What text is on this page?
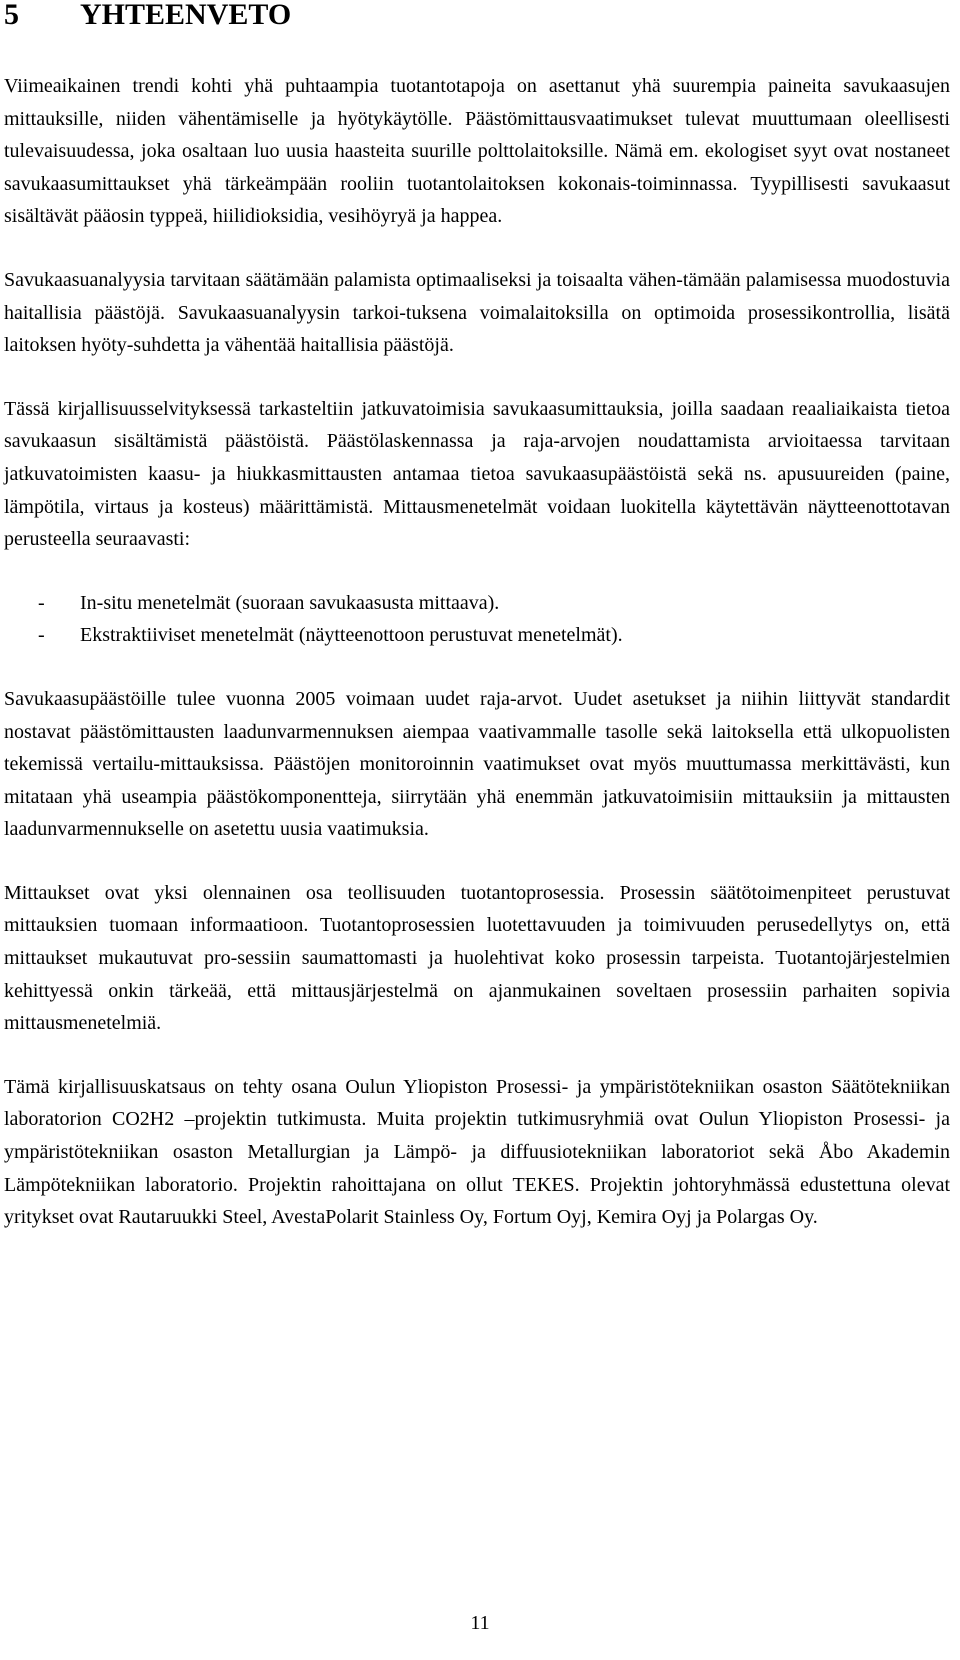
5 YHTEENVETO

Viimeaikainen trendi kohti yhä puhtaampia tuotantotapoja on asettanut yhä suurempia paineita savukaasujen mittauksille, niiden vähentämiselle ja hyötykäytölle. Päästömittausvaatimukset tulevat muuttumaan oleellisesti tulevaisuudessa, joka osaltaan luo uusia haasteita suurille polttolaitoksille. Nämä em. ekologiset syyt ovat nostaneet savukaasumittaukset yhä tärkeämpään rooliin tuotantolaitoksen kokonais-toiminnassa. Tyypillisesti savukaasut sisältävät pääosin typpeä, hiilidioksidia, vesihöyryä ja happea.

Savukaasuanalyysia tarvitaan säätämään palamista optimaaliseksi ja toisaalta vähen-tämään palamisessa muodostuvia haitallisia päästöjä. Savukaasuanalyysin tarkoi-tuksena voimalaitoksilla on optimoida prosessikontrollia, lisätä laitoksen hyöty-suhdetta ja vähentää haitallisia päästöjä.

Tässä kirjallisuusselvityksessä tarkasteltiin jatkuvatoimisia savukaasumittauksia, joilla saadaan reaaliaikaista tietoa savukaasun sisältämistä päästöistä. Päästölaskennassa ja raja-arvojen noudattamista arvioitaessa tarvitaan jatkuvatoimisten kaasu- ja hiukkasmittausten antamaa tietoa savukaasupäästöistä sekä ns. apusuureiden (paine, lämpötila, virtaus ja kosteus) määrittämistä. Mittausmenetelmät voidaan luokitella käytettävän näytteenottotavan perusteella seuraavasti:

- In-situ menetelmät (suoraan savukaasusta mittaava).
- Ekstraktiiviset menetelmät (näytteenottoon perustuvat menetelmät).

Savukaasupäästöille tulee vuonna 2005 voimaan uudet raja-arvot. Uudet asetukset ja niihin liittyvät standardit nostavat päästömittausten laadunvarmennuksen aiempaa vaativammalle tasolle sekä laitoksella että ulkopuolisten tekemissä vertailu-mittauksissa. Päästöjen monitoroinnin vaatimukset ovat myös muuttumassa merkittävästi, kun mitataan yhä useampia päästökomponentteja, siirrytään yhä enemmän jatkuvatoimisiin mittauksiin ja mittausten laadunvarmennukselle on asetettu uusia vaatimuksia.

Mittaukset ovat yksi olennainen osa teollisuuden tuotantoprosessia. Prosessin säätötoimenpiteet perustuvat mittauksien tuomaan informaatioon. Tuotantoprosessien luotettavuuden ja toimivuuden perusedellytys on, että mittaukset mukautuvat pro-sessiin saumattomasti ja huolehtivat koko prosessin tarpeista. Tuotantojärjestelmien kehittyessä onkin tärkeää, että mittausjärjestelmä on ajanmukainen soveltaen prosessiin parhaiten sopivia mittausmenetelmiä.

Tämä kirjallisuuskatsaus on tehty osana Oulun Yliopiston Prosessi- ja ympäristötekniikan osaston Säätötekniikan laboratorion CO2H2 –projektin tutkimusta. Muita projektin tutkimusryhmiä ovat Oulun Yliopiston Prosessi- ja ympäristötekniikan osaston Metallurgian ja Lämpö- ja diffuusiotekniikan laboratoriot sekä Åbo Akademin Lämpötekniikan laboratorio. Projektin rahoittajana on ollut TEKES. Projektin johtoryhmässä edustettuna olevat yritykset ovat Rautaruukki Steel, AvestaPolarit Stainless Oy, Fortum Oyj, Kemira Oyj ja Polargas Oy.

11
